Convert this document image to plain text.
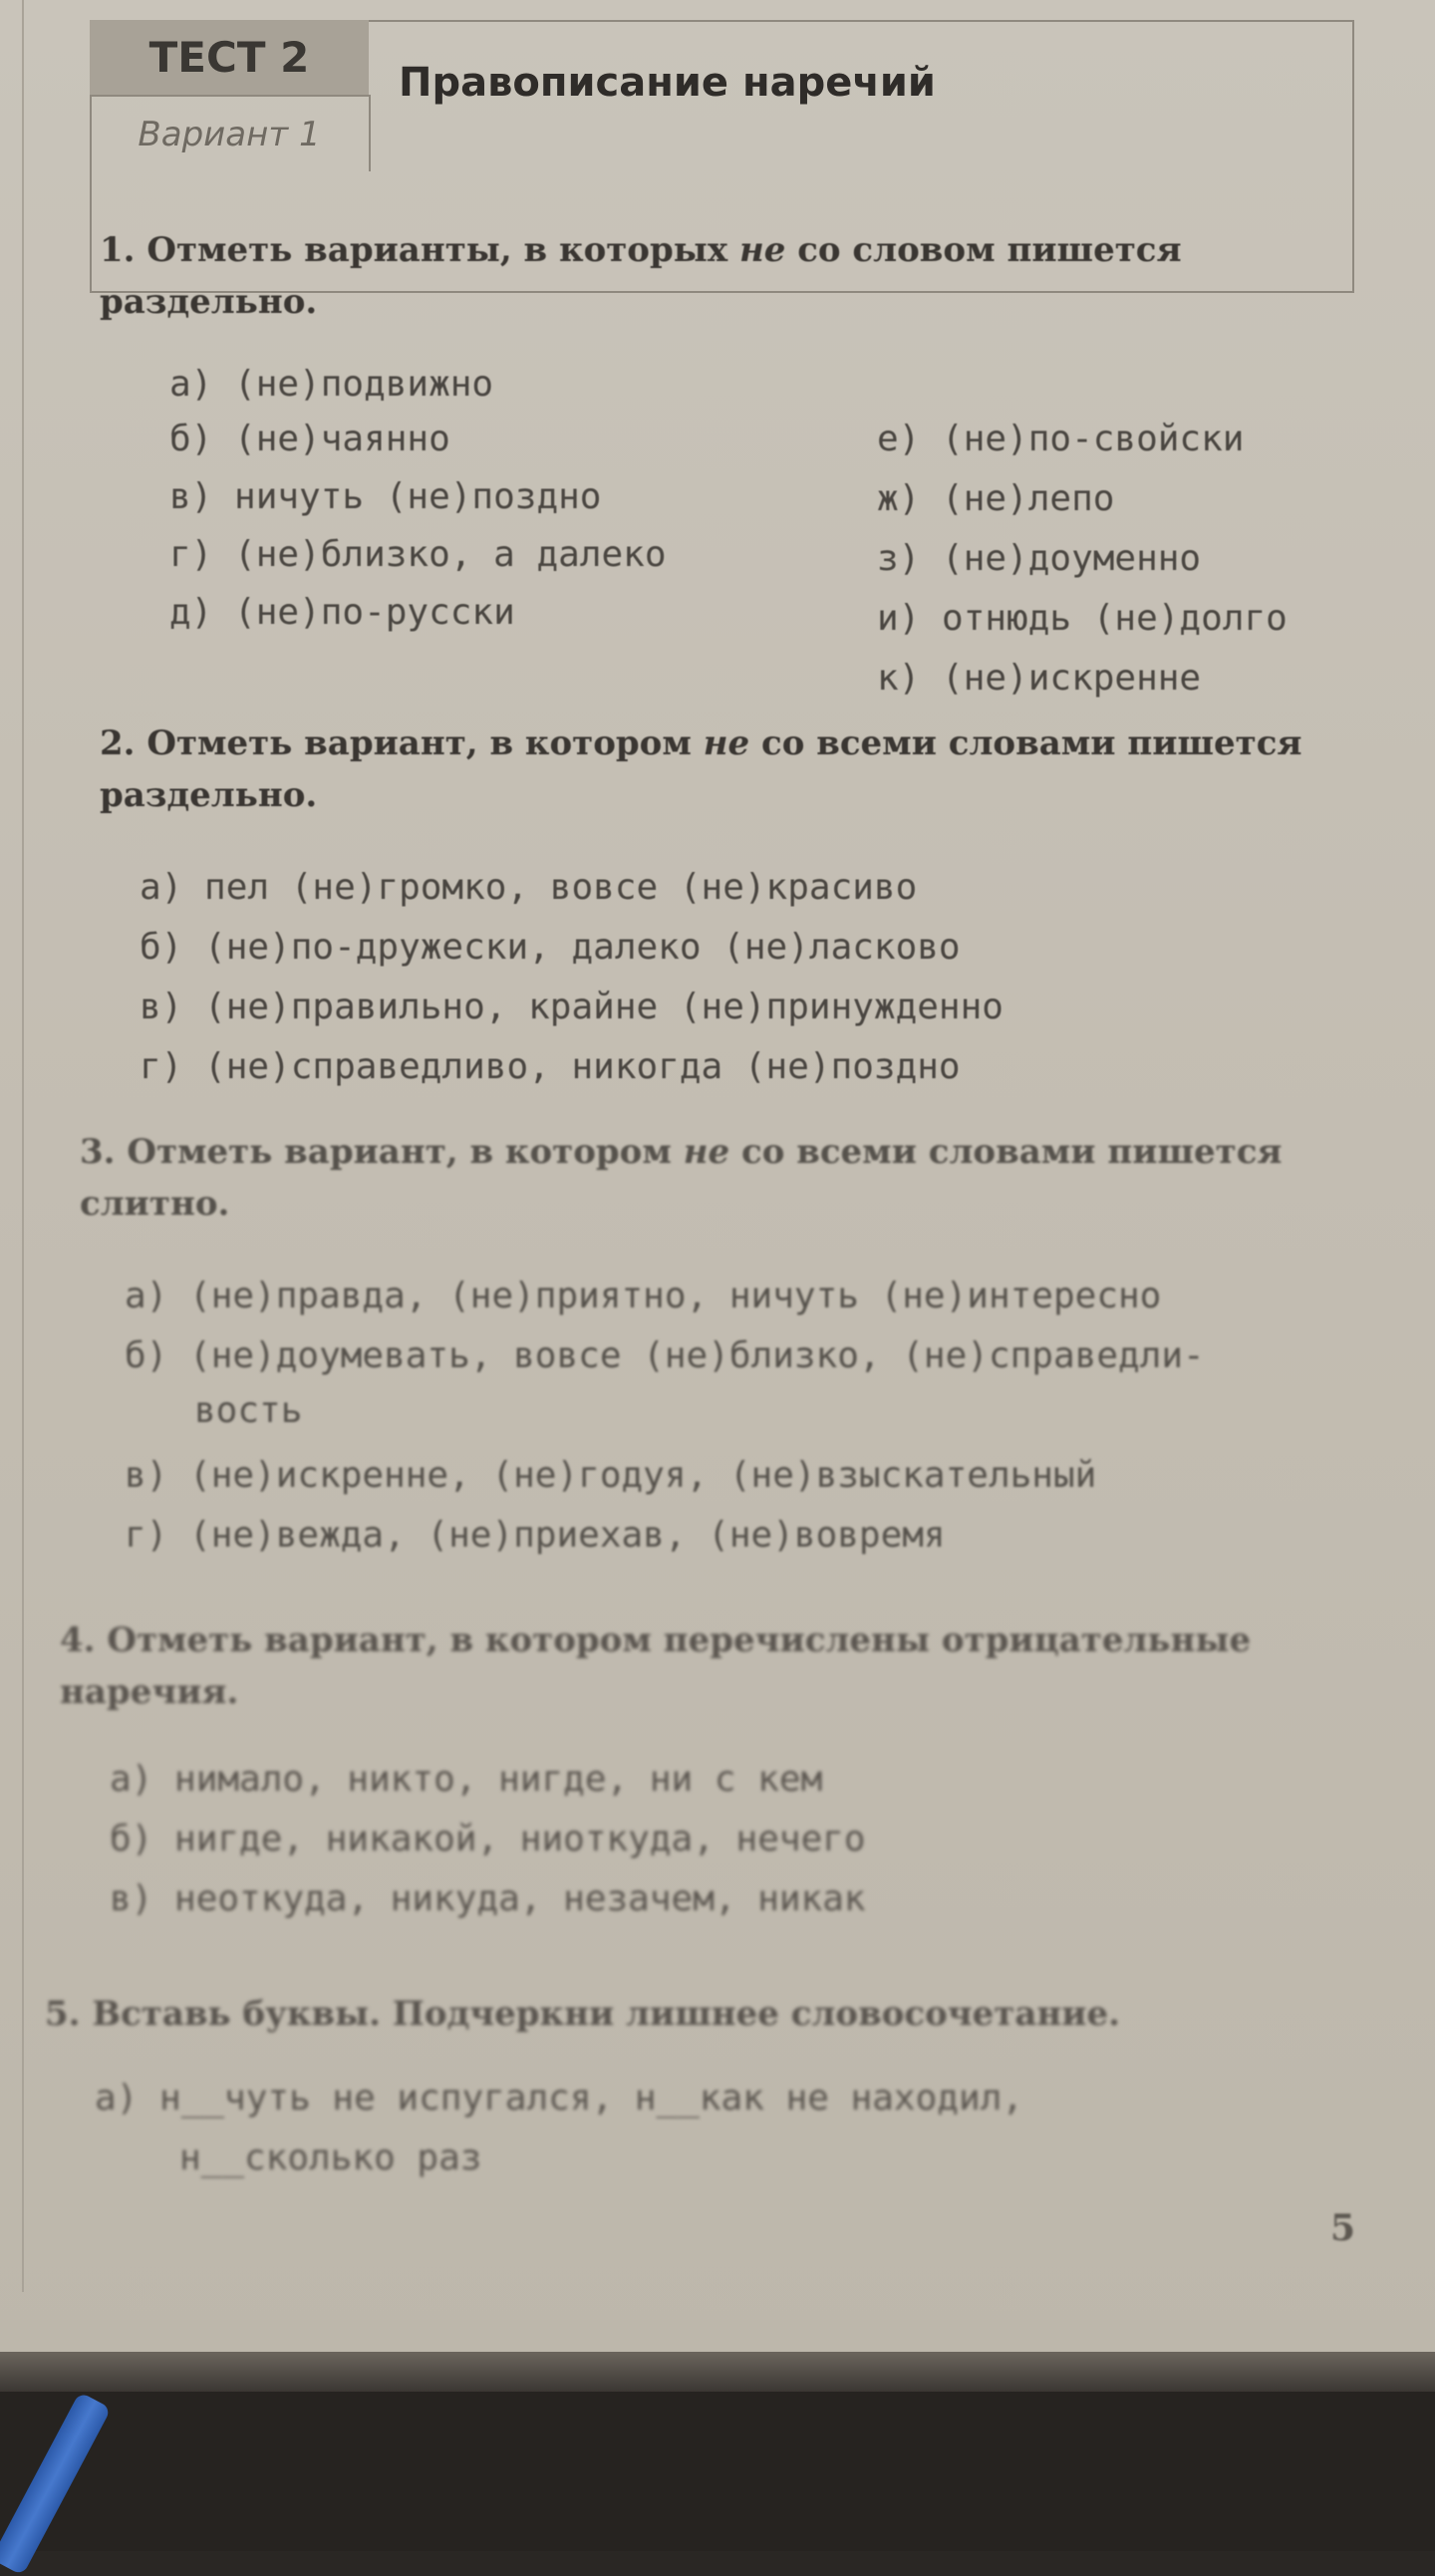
ТЕСТ 2
Вариант 1
Правописание наречий
1. Отметь варианты, в которых не со словом пишется раздельно.
а) (не)подвижно
б) (не)чаянно
в) ничуть (не)поздно
г) (не)близко, а далеко
д) (не)по-русски
е) (не)по-свойски
ж) (не)лепо
з) (не)доуменно
и) отнюдь (не)долго
к) (не)искренне
2. Отметь вариант, в котором не со всеми словами пишется раздельно.
а) пел (не)громко, вовсе (не)красиво
б) (не)по-дружески, далеко (не)ласково
в) (не)правильно, крайне (не)принужденно
г) (не)справедливо, никогда (не)поздно
3. Отметь вариант, в котором не со всеми словами пишется слитно.
а) (не)правда, (не)приятно, ничуть (не)интересно
б) (не)доумевать, вовсе (не)близко, (не)справедли-
вость
в) (не)искренне, (не)годуя, (не)взыскательный
г) (не)вежда, (не)приехав, (не)вовремя
4. Отметь вариант, в котором перечислены отрицательные наречия.
а) нимало, никто, нигде, ни с кем
б) нигде, никакой, ниоткуда, нечего
в) неоткуда, никуда, незачем, никак
5. Вставь буквы. Подчеркни лишнее словосочетание.
а) н__чуть не испугался, н__как не находил,
н__сколько раз
5
